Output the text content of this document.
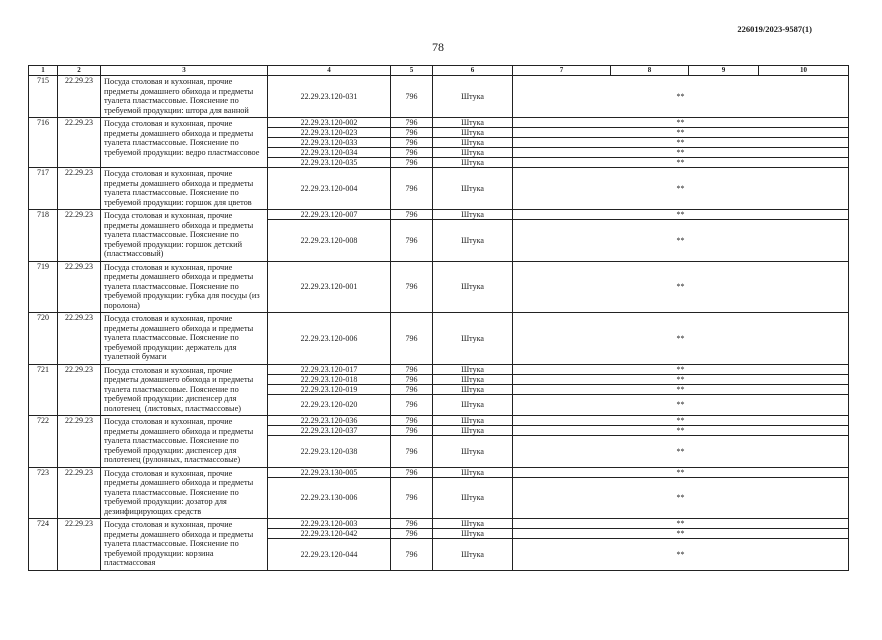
226019/2023-9587(1)
78
1	2	3	4	5	6	7	8	9	10
715	22.29.23	Посуда столовая и кухонная, прочие
предметы домашнего обихода и предметы
туалета пластмассовые. Пояснение по
требуемой продукции: штора для ванной
22.29.23.120-031	796	Штука	**
716	22.29.23	Посуда столовая и кухонная, прочие
предметы домашнего обихода и предметы
туалета пластмассовые. Пояснение по
требуемой продукции: ведро пластмассовое
22.29.23.120-002	796	Штука	**
22.29.23.120-023	796	Штука	**
22.29.23.120-033	796	Штука	**
22.29.23.120-034	796	Штука	**
22.29.23.120-035	796	Штука	**
717	22.29.23	Посуда столовая и кухонная, прочие
предметы домашнего обихода и предметы
туалета пластмассовые. Пояснение по
требуемой продукции: горшок для цветов
22.29.23.120-004	796	Штука	**
718	22.29.23	Посуда столовая и кухонная, прочие
предметы домашнего обихода и предметы
туалета пластмассовые. Пояснение по
требуемой продукции: горшок детский
(пластмассовый)
22.29.23.120-007	796	Штука	**
22.29.23.120-008	796	Штука	**
719	22.29.23	Посуда столовая и кухонная, прочие
предметы домашнего обихода и предметы
туалета пластмассовые. Пояснение по
требуемой продукции: губка для посуды (из
поролона)
22.29.23.120-001	796	Штука	**
720	22.29.23	Посуда столовая и кухонная, прочие
предметы домашнего обихода и предметы
туалета пластмассовые. Пояснение по
требуемой продукции: держатель для
туалетной бумаги
22.29.23.120-006	796	Штука	**
721	22.29.23	Посуда столовая и кухонная, прочие
предметы домашнего обихода и предметы
туалета пластмассовые. Пояснение по
требуемой продукции: диспенсер для
полотенец  (листовых, пластмассовые)
22.29.23.120-017	796	Штука	**
22.29.23.120-018	796	Штука	**
22.29.23.120-019	796	Штука	**
22.29.23.120-020	796	Штука	**
722	22.29.23	Посуда столовая и кухонная, прочие
предметы домашнего обихода и предметы
туалета пластмассовые. Пояснение по
требуемой продукции: диспенсер для
полотенец (рулонных, пластмассовые)
22.29.23.120-036	796	Штука	**
22.29.23.120-037	796	Штука	**
22.29.23.120-038	796	Штука	**
723	22.29.23	Посуда столовая и кухонная, прочие
предметы домашнего обихода и предметы
туалета пластмассовые. Пояснение по
требуемой продукции: дозатор для
дезинфицирующих средств
22.29.23.130-005	796	Штука	**
22.29.23.130-006	796	Штука	**
724	22.29.23	Посуда столовая и кухонная, прочие
предметы домашнего обихода и предметы
туалета пластмассовые. Пояснение по
требуемой продукции: корзина
пластмассовая
22.29.23.120-003	796	Штука	**
22.29.23.120-042	796	Штука	**
22.29.23.120-044	796	Штука	**
